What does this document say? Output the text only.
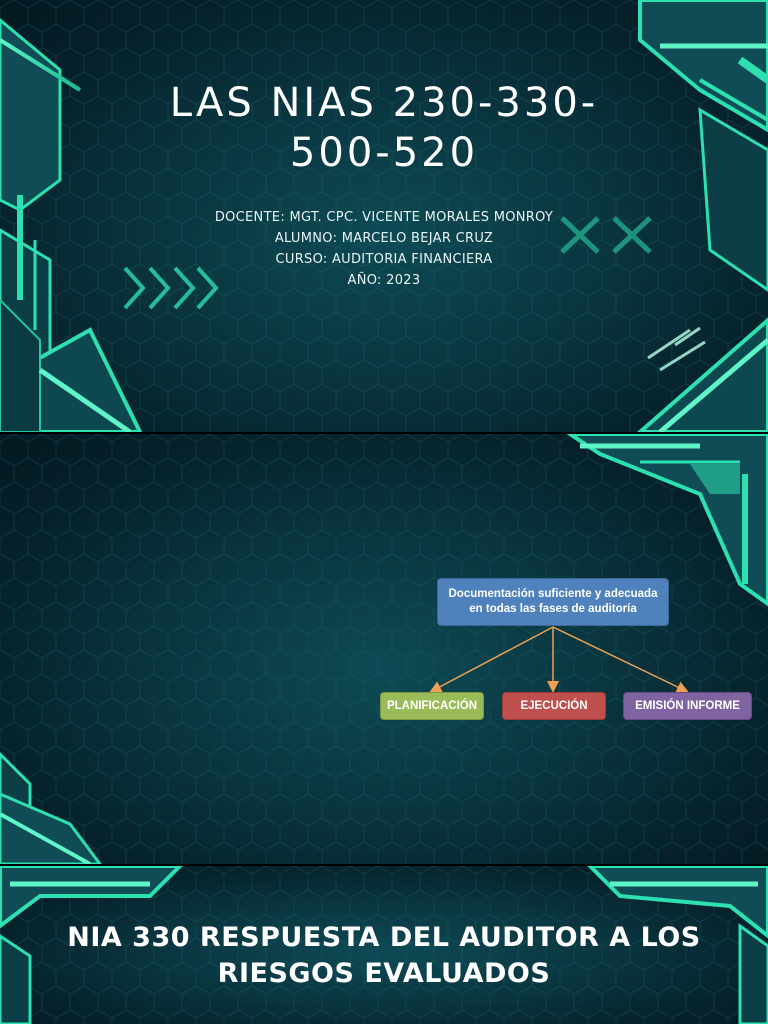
LAS NIAS 230-330-
500-520
DOCENTE: MGT. CPC. VICENTE MORALES MONROY
ALUMNO: MARCELO BEJAR CRUZ
CURSO: AUDITORIA FINANCIERA
AÑO: 2023
Documentación suficiente y adecuada
en todas las fases de auditoría
PLANIFICACIÓN	EJECUCIÓN	EMISIÓN INFORME
NIA 330 RESPUESTA DEL AUDITOR A LOS
RIESGOS EVALUADOS
